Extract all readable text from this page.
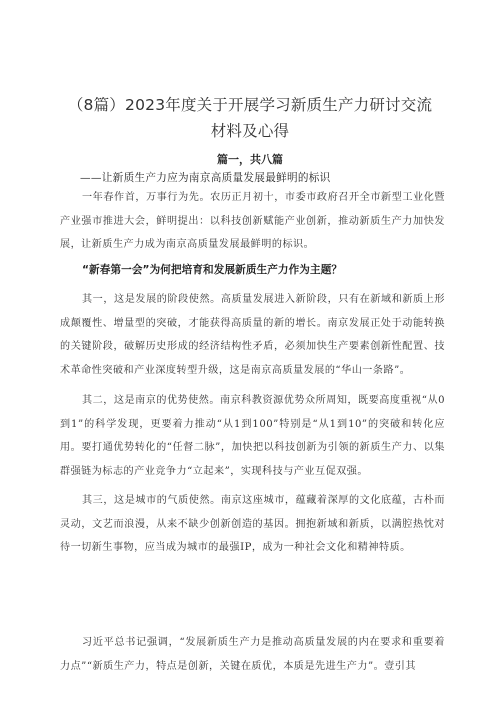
（8篇）2023年度关于开展学习新质生产力研讨交流
材料及心得
篇一，共八篇
——让新质生产力应为南京高质量发展最鲜明的标识
一年春作首，万事行为先。农历正月初十，市委市政府召开全市新型工业化暨产业强市推进大会，鲜明提出：以科技创新赋能产业创新，推动新质生产力加快发展，让新质生产力成为南京高质量发展最鲜明的标识。
“新春第一会”为何把培育和发展新质生产力作为主题？
其一，这是发展的阶段使然。高质量发展进入新阶段，只有在新域和新质上形成颠覆性、增量型的突破，才能获得高质量的新的增长。南京发展正处于动能转换的关键阶段，破解历史形成的经济结构性矛盾，必须加快生产要素创新性配置、技术革命性突破和产业深度转型升级，这是南京高质量发展的“华山一条路”。
其二，这是南京的优势使然。南京科教资源优势众所周知，既要高度重视“从0到1”的科学发现，更要着力推动“从1到100”特别是“从1到10”的突破和转化应用。要打通优势转化的“任督二脉”，加快把以科技创新为引领的新质生产力、以集群强链为标志的产业竞争力“立起来”，实现科技与产业互促双强。
其三，这是城市的气质使然。南京这座城市，蕴藏着深厚的文化底蕴，古朴而灵动，文艺而浪漫，从来不缺少创新创造的基因。拥抱新域和新质，以满腔热忱对待一切新生事物，应当成为城市的最强IP，成为一种社会文化和精神特质。
习近平总书记强调，“发展新质生产力是推动高质量发展的内在要求和重要着力点”“新质生产力，特点是创新，关键在质优，本质是先进生产力”。壹引其
